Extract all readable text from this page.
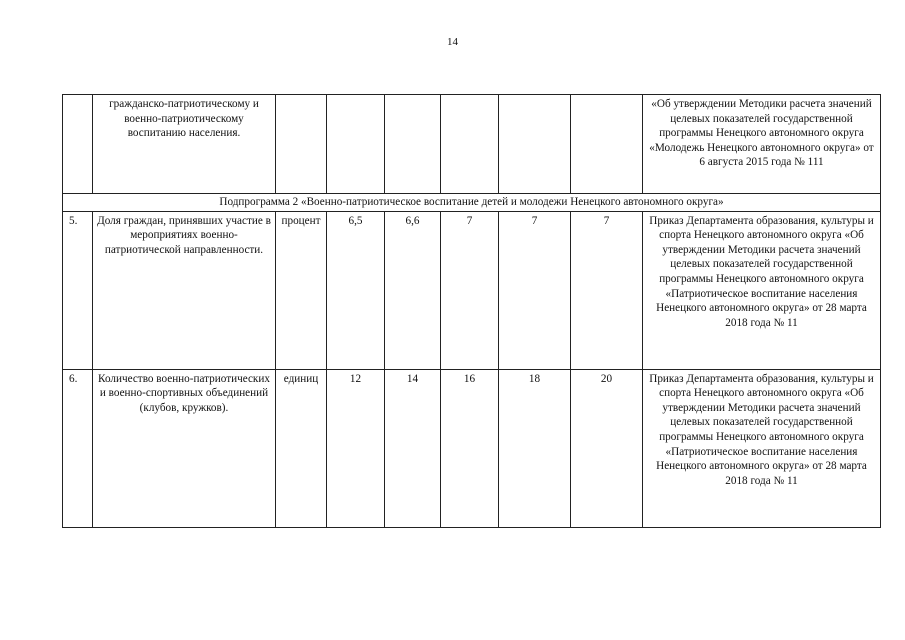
14
	гражданско-патриотическому и военно-патриотическому воспитанию населения.							«Об утверждении Методики расчета значений целевых показателей государственной программы Ненецкого автономного округа «Молодежь Ненецкого автономного округа» от 6 августа 2015 года № 111
Подпрограмма 2 «Военно-патриотическое воспитание детей и молодежи Ненецкого автономного округа»								
5.	Доля граждан, принявших участие в мероприятиях военно-патриотической направленности.	процент	6,5	6,6	7	7	7	Приказ Департамента образования, культуры и спорта Ненецкого автономного округа «Об утверждении Методики расчета значений целевых показателей государственной программы Ненецкого автономного округа «Патриотическое воспитание населения Ненецкого автономного округа» от 28 марта 2018 года № 11
6.	Количество военно-патриотических и военно-спортивных объединений (клубов, кружков).	единиц	12	14	16	18	20	Приказ Департамента образования, культуры и спорта Ненецкого автономного округа «Об утверждении Методики расчета значений целевых показателей государственной программы Ненецкого автономного округа «Патриотическое воспитание населения Ненецкого автономного округа» от 28 марта 2018 года № 11
